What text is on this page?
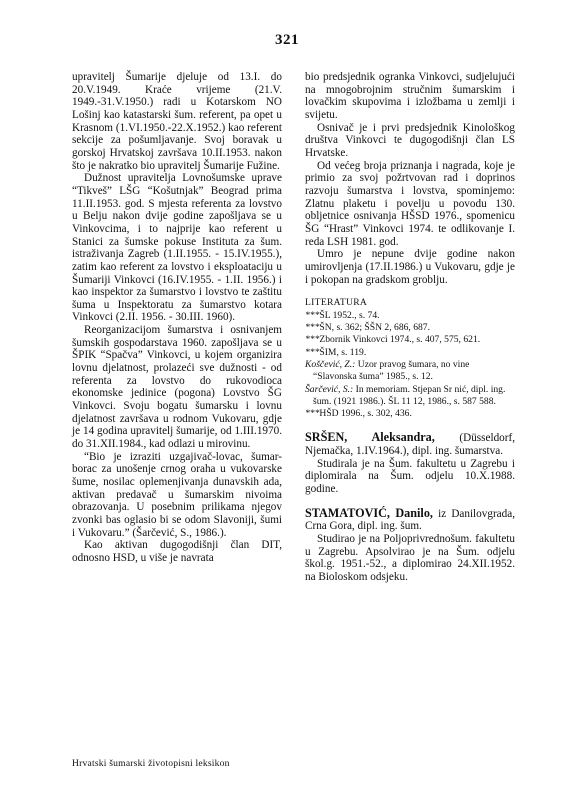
321

upravitelj Šumarije djeluje od 13.I. do 20.V.1949. Kraće vrijeme (21.V. 1949.-31.V.1950.) radi u Kotarskom NO Lošinj kao katastarski šum. referent, pa opet u Krasnom (1.VI.1950.-22.X.1952.) kao referent sekcije za pošumljavanje. Svoj boravak u gorskoj Hrvatskoj završava 10.II.1953. nakon što je nakratko bio upravitelj Šumarije Fužine.

Dužnost upravitelja Lovnošumske uprave “Tikveš” LŠG “Košutnjak” Beograd prima 11.II.1953. god. S mjesta referenta za lovstvo u Belju nakon dvije godine zapošljava se u Vinkovcima, i to najprije kao referent u Stanici za šumske pokuse Instituta za šum. istraživanja Zagreb (1.II.1955. - 15.IV.1955.), zatim kao referent za lovstvo i eksploataciju u Šumariji Vinkovci (16.IV.1955. - 1.II. 1956.) i kao inspektor za šumarstvo i lovstvo te zaštitu šuma u Inspektoratu za šumarstvo kotara Vinkovci (2.II. 1956. - 30.III. 1960).

Reorganizacijom šumarstva i osnivanjem šumskih gospodarstava 1960. zapošljava se u ŠPIK “Spačva” Vinkovci, u kojem organizira lovnu djelatnost, prolazeći sve dužnosti - od referenta za lovstvo do rukovodioca ekonomske jedinice (pogona) Lovstvo ŠG Vinkovci. Svoju bogatu šumarsku i lovnu djelatnost završava u rodnom Vukovaru, gdje je 14 godina upravitelj šumarije, od 1.III.1970. do 31.XII.1984., kad odlazi u mirovinu.

“Bio je izraziti uzgajivač-lovac, šumar-borac za unošenje crnog oraha u vukovarske šume, nosilac oplemenjivanja dunavskih ada, aktivan predavač u šumarskim nivoima obrazovanja. U posebnim prilikama njegov zvonki bas oglasio bi se odom Slavoniji, šumi i Vukovaru.” (Šarčević, S., 1986.).

Kao aktivan dugogodišnji član DIT, odnosno HSD, u više je navrata

bio predsjednik ogranka Vinkovci, sudjelujući na mnogobrojnim stručnim šumarskim i lovačkim skupovima i izložbama u zemlji i svijetu.

Osnivač je i prvi predsjednik Kinološkog društva Vinkovci te dugogodišnji član LS Hrvatske.

Od većeg broja priznanja i nagrada, koje je primio za svoj požrtvovan rad i doprinos razvoju šumarstva i lovstva, spominjemo: Zlatnu plaketu i povelju u povodu 130. obljetnice osnivanja HŠSD 1976., spomenicu ŠG “Hrast” Vinkovci 1974. te odlikovanje I. reda LSH 1981. god.

Umro je nepune dvije godine nakon umirovljenja (17.II.1986.) u Vukovaru, gdje je i pokopan na gradskom groblju.

LITERATURA

***ŠL 1952., s. 74.

***ŠN, s. 362; ŠŠN 2, 686, 687.

***Zbornik Vinkovci 1974., s. 407, 575, 621.

***ŠIM, s. 119.

Koščević, Z.: Uzor pravog šumara, no vine “Slavonska šuma” 1985., s. 12.

Šarčević, S.: In memoriam. Stjepan Sr nić, dipl. ing. šum. (1921 1986.). ŠL 11 12, 1986., s. 587 588.

***HŠD 1996., s. 302, 436.

SRŠEN, Aleksandra, (Düsseldorf, Njemačka, 1.IV.1964.), dipl. ing. šumarstva.

Studirala je na Šum. fakultetu u Zagrebu i diplomirala na Šum. odjelu 10.X.1988. godine.

STAMATOVIĆ, Danilo, iz Danilovgrada, Crna Gora, dipl. ing. šum.

Studirao je na Poljoprivrednošum. fakultetu u Zagrebu. Apsolvirao je na Šum. odjelu škol.g. 1951.-52., a diplomirao 24.XII.1952. na Bioloskom odsjeku.

Hrvatski šumarski životopisni leksikon
